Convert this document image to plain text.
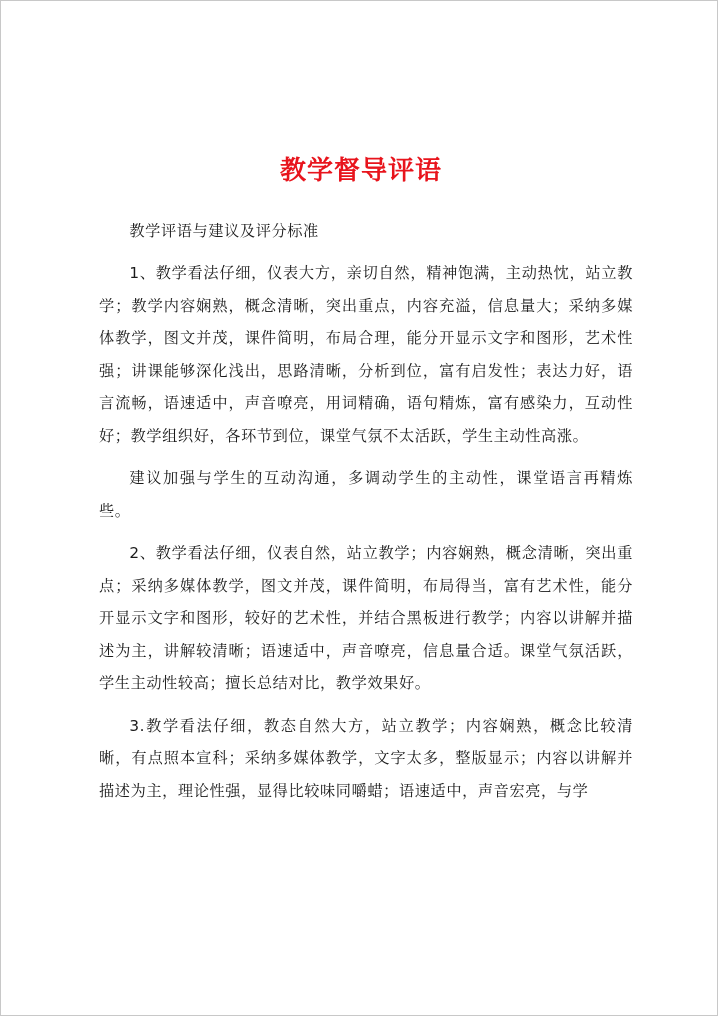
教学督导评语

教学评语与建议及评分标准

1、教学看法仔细，仪表大方，亲切自然，精神饱满，主动热忱，站立教学；教学内容娴熟，概念清晰，突出重点，内容充溢，信息量大；采纳多媒体教学，图文并茂，课件简明，布局合理，能分开显示文字和图形，艺术性强；讲课能够深化浅出，思路清晰，分析到位，富有启发性；表达力好，语言流畅，语速适中，声音嘹亮，用词精确，语句精炼，富有感染力，互动性好；教学组织好，各环节到位，课堂气氛不太活跃，学生主动性高涨。

建议加强与学生的互动沟通，多调动学生的主动性，课堂语言再精炼些。

2、教学看法仔细，仪表自然，站立教学；内容娴熟，概念清晰，突出重点；采纳多媒体教学，图文并茂，课件简明，布局得当，富有艺术性，能分开显示文字和图形，较好的艺术性，并结合黑板进行教学；内容以讲解并描述为主，讲解较清晰；语速适中，声音嘹亮，信息量合适。课堂气氛活跃，学生主动性较高；擅长总结对比，教学效果好。

3.教学看法仔细，教态自然大方，站立教学；内容娴熟，概念比较清晰，有点照本宣科；采纳多媒体教学，文字太多，整版显示；内容以讲解并描述为主，理论性强，显得比较味同嚼蜡；语速适中，声音宏亮，与学
